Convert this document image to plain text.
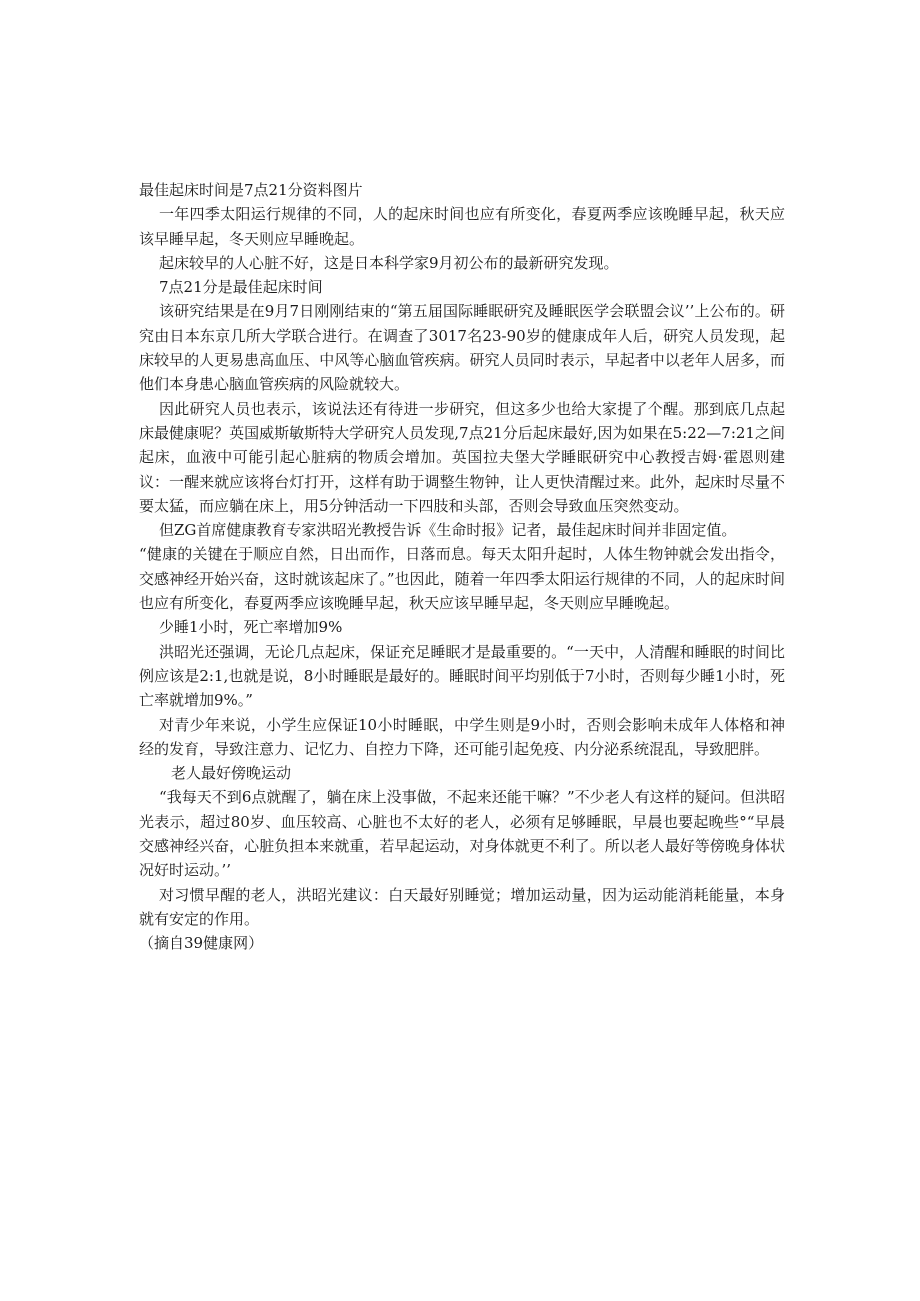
最佳起床时间是7点21分资料图片

一年四季太阳运行规律的不同，人的起床时间也应有所变化，春夏两季应该晚睡早起，秋天应该早睡早起，冬天则应早睡晚起。

起床较早的人心脏不好，这是日本科学家9月初公布的最新研究发现。

7点21分是最佳起床时间

该研究结果是在9月7日刚刚结束的“第五届国际睡眠研究及睡眠医学会联盟会议’’上公布的。研究由日本东京几所大学联合进行。在调查了3017名23-90岁的健康成年人后，研究人员发现，起床较早的人更易患高血压、中风等心脑血管疾病。研究人员同时表示，早起者中以老年人居多，而他们本身患心脑血管疾病的风险就较大。

因此研究人员也表示，该说法还有待进一步研究，但这多少也给大家提了个醒。那到底几点起床最健康呢？英国威斯敏斯特大学研究人员发现,7点21分后起床最好,因为如果在5:22—7:21之间起床，血液中可能引起心脏病的物质会增加。英国拉夫堡大学睡眠研究中心教授吉姆·霍恩则建议：一醒来就应该将台灯打开，这样有助于调整生物钟，让人更快清醒过来。此外，起床时尽量不要太猛，而应躺在床上，用5分钟活动一下四肢和头部，否则会导致血压突然变动。

但ZG首席健康教育专家洪昭光教授告诉《生命时报》记者，最佳起床时间并非固定值。

“健康的关键在于顺应自然，日出而作，日落而息。每天太阳升起时，人体生物钟就会发出指令，交感神经开始兴奋，这时就该起床了。”也因此，随着一年四季太阳运行规律的不同，人的起床时间也应有所变化，春夏两季应该晚睡早起，秋天应该早睡早起，冬天则应早睡晚起。

少睡1小时，死亡率增加9%

洪昭光还强调，无论几点起床，保证充足睡眠才是最重要的。“一天中，人清醒和睡眠的时间比例应该是2:1,也就是说，8小时睡眠是最好的。睡眠时间平均别低于7小时，否则每少睡1小时，死亡率就增加9%。”

对青少年来说，小学生应保证10小时睡眠，中学生则是9小时，否则会影响未成年人体格和神经的发育，导致注意力、记忆力、自控力下降，还可能引起免疫、内分泌系统混乱，导致肥胖。

老人最好傍晚运动

“我每天不到6点就醒了，躺在床上没事做，不起来还能干嘛？”不少老人有这样的疑问。但洪昭光表示，超过80岁、血压较高、心脏也不太好的老人，必须有足够睡眠，早晨也要起晚些°“早晨交感神经兴奋，心脏负担本来就重，若早起运动，对身体就更不利了。所以老人最好等傍晚身体状况好时运动。’’

对习惯早醒的老人，洪昭光建议：白天最好别睡觉；增加运动量，因为运动能消耗能量，本身就有安定的作用。

（摘自39健康网）
